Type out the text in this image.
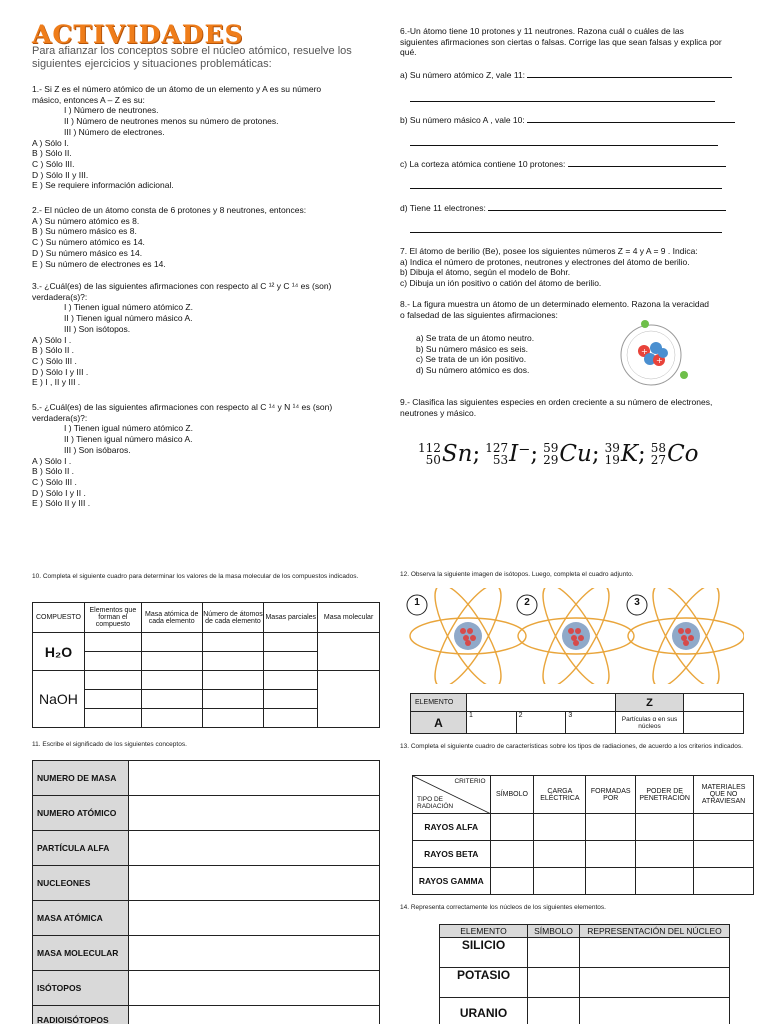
ACTIVIDADES
Para afianzar los conceptos sobre el núcleo atómico, resuelve los siguientes ejercicios y situaciones problemáticas:
1.- Si Z es el número atómico de un átomo de un elemento y A es su número
másico, entonces A – Z es su:
I ) Número de neutrones.
II ) Número de neutrones menos su número de protones.
III ) Número de electrones.
A ) Sólo I.
B ) Sólo II.
C ) Sólo III.
D ) Sólo II y III.
E ) Se requiere información adicional.
2.- El núcleo de un átomo consta de 6 protones y 8 neutrones, entonces:
A ) Su número atómico es 8.
B ) Su número másico es 8.
C ) Su número atómico es 14.
D ) Su número másico es 14.
E ) Su número de electrones es 14.
3.- ¿Cuál(es) de las siguientes afirmaciones con respecto al C ¹² y C ¹⁴ es (son)
verdadera(s)?:
I ) Tienen igual número atómico Z.
II ) Tienen igual número másico A.
III ) Son isótopos.
A ) Sólo I .
B ) Sólo II .
C ) Sólo III .
D ) Sólo I y III .
E ) I , II y III .
5.- ¿Cuál(es) de las siguientes afirmaciones con respecto al C ¹⁴ y N ¹⁴ es (son)
verdadera(s)?:
I ) Tienen igual número atómico Z.
II ) Tienen igual número másico A.
III ) Son isóbaros.
A ) Sólo I .
B ) Sólo II .
C ) Sólo III .
D ) Sólo I y II .
E ) Sólo II y III .
6.-Un átomo tiene 10 protones y 11 neutrones. Razona cuál o cuáles de las
siguientes afirmaciones son ciertas o falsas. Corrige las que sean falsas y explica por
qué.
a) Su número atómico Z, vale 11:
b) Su número másico A , vale 10:
c) La corteza atómica contiene 10 protones:
d) Tiene 11 electrones:
7. El átomo de berilio (Be), posee los siguientes números Z = 4 y A = 9 . Indica:
a) Indica el número de protones, neutrones y electrones del átomo de berilio.
b) Dibuja el átomo, según el modelo de Bohr.
c) Dibuja un ión positivo o catión del átomo de berilio.
8.- La figura muestra un átomo de un determinado elemento. Razona la veracidad
o falsedad de las siguientes afirmaciones:
a) Se trata de un átomo neutro.
b) Su número másico es seis.
c) Se trata de un ión positivo.
d) Su número atómico es dos.
+
+
9.- Clasifica las siguientes especies en orden creciente a su número de electrones,
neutrones y másico.
112
50 Sn ; 127
53 I⁻ ; 59
29 Cu ; 39
19 K ; 58
27 Co
10. Completa el siguiente cuadro para determinar los valores de la masa molecular de los compuestos indicados.
COMPUESTO	Elementos que forman el compuesto	Masa atómica de cada elemento	Número de átomos de cada elemento	Masas parciales	Masa molecular
H₂O					

NaOH					

11. Escribe el significado de los siguientes conceptos.
NUMERO DE MASA	
NUMERO ATÓMICO	
PARTÍCULA ALFA	
NUCLEONES	
MASA ATÓMICA	
MASA MOLECULAR	
ISÓTOPOS	
RADIOISÓTOPOS	
12. Observa la siguiente imagen de isótopos. Luego, completa el cuadro adjunto.
1	2	3
ELEMENTO				Z	
A	1	2	3	Partículas α en sus núcleos	
13. Completa el siguiente cuadro de características sobre los tipos de radiaciones, de acuerdo a los criterios indicados.
CRITERIO
TIPO DE RADIACIÓN	SÍMBOLO	CARGA ELÉCTRICA	FORMADAS POR	PODER DE PENETRACIÓN	MATERIALES QUE NO ATRAVIESAN
RAYOS ALFA					
RAYOS BETA					
RAYOS GAMMA					
14. Representa correctamente los núcleos de los siguientes elementos.
ELEMENTO	SÍMBOLO	REPRESENTACIÓN DEL NÚCLEO
SILICIO		
POTASIO		
URANIO		
